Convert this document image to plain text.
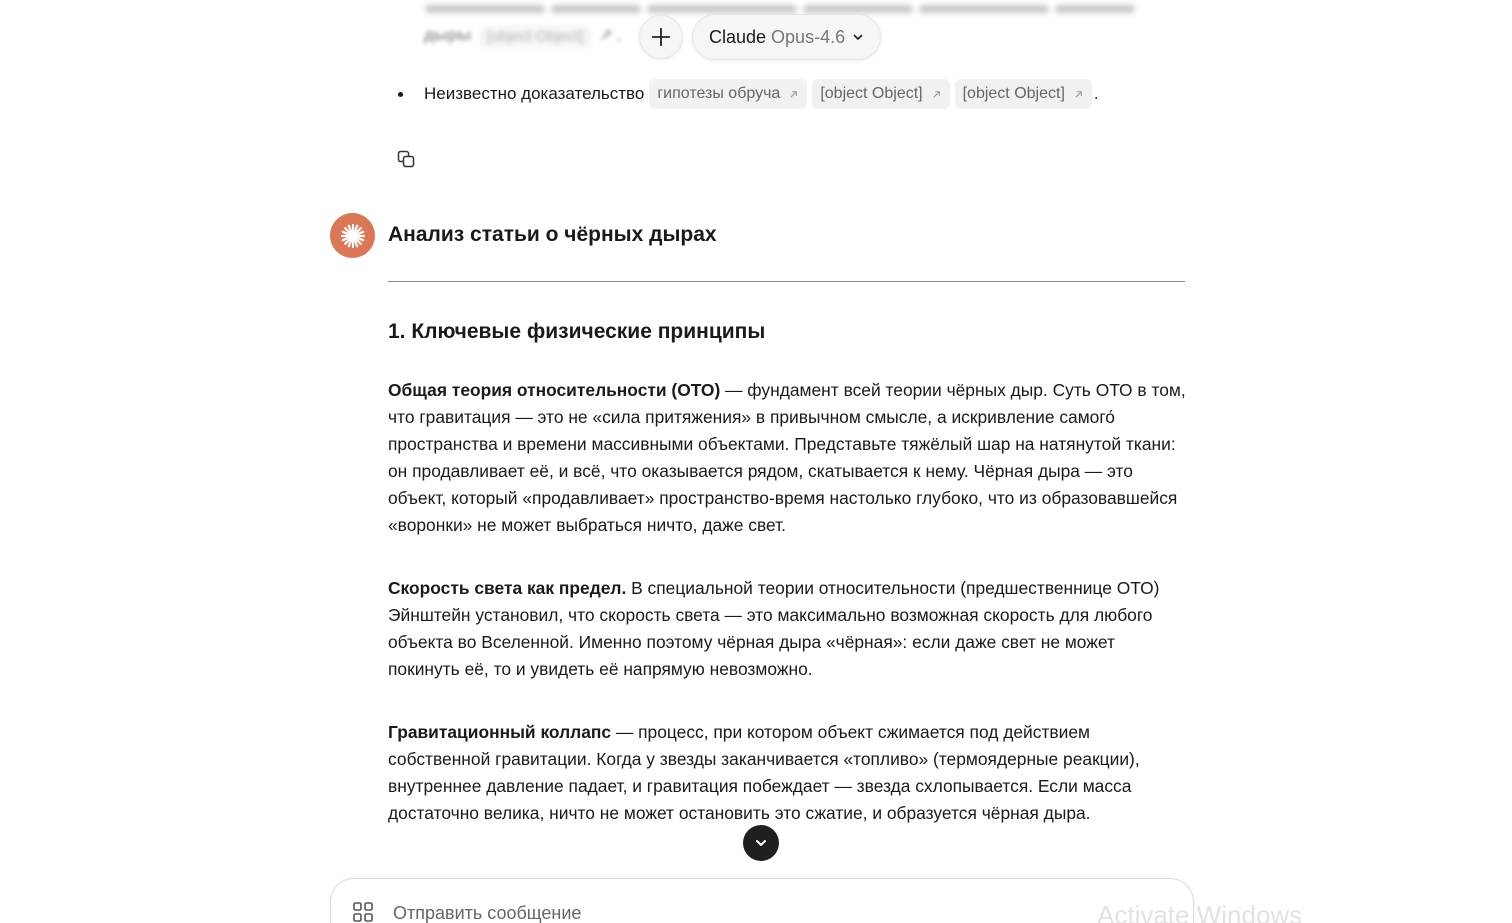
дыры	[object Object]	↗ .	Claude Opus-4.6
Неизвестно доказательство гипотезы обруча	[object Object]	[object Object] .
Анализ статьи о чёрных дырах
1. Ключевые физические принципы

Общая теория относительности (ОТО) — фундамент всей теории чёрных дыр. Суть ОТО в том, что гравитация — это не «сила притяжения» в привычном смысле, а искривление самого́ пространства и времени массивными объектами. Представьте тяжёлый шар на натянутой ткани: он продавливает её, и всё, что оказывается рядом, скатывается к нему. Чёрная дыра — это объект, который «продавливает» пространство-время настолько глубоко, что из образовавшейся «воронки» не может выбраться ничто, даже свет.

Скорость света как предел. В специальной теории относительности (предшественнице ОТО) Эйнштейн установил, что скорость света — это максимально возможная скорость для любого объекта во Вселенной. Именно поэтому чёрная дыра «чёрная»: если даже свет не может покинуть её, то и увидеть её напрямую невозможно.

Гравитационный коллапс — процесс, при котором объект сжимается под действием собственной гравитации. Когда у звезды заканчивается «топливо» (термоядерные реакции), внутреннее давление падает, и гравитация побеждает — звезда схлопывается. Если масса достаточно велика, ничто не может остановить это сжатие, и образуется чёрная дыра.

Отправить сообщение
Activate Windows
